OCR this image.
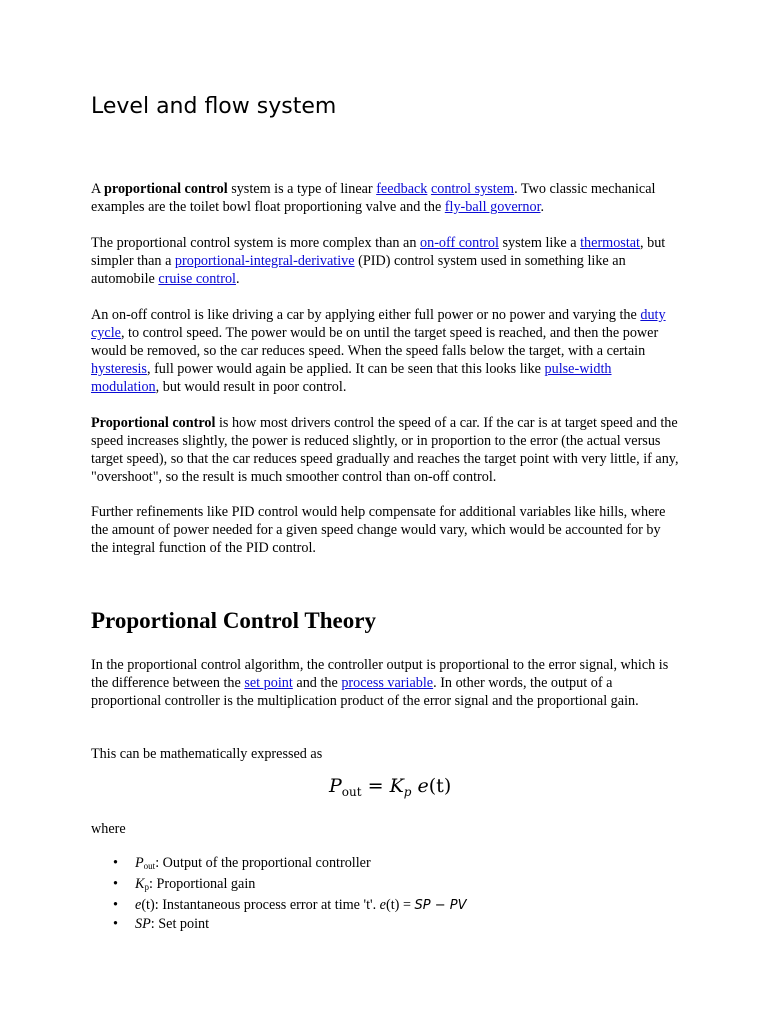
Level and flow system

A proportional control system is a type of linear feedback control system. Two classic mechanical examples are the toilet bowl float proportioning valve and the fly-ball governor.

The proportional control system is more complex than an on-off control system like a thermostat, but simpler than a proportional-integral-derivative (PID) control system used in something like an automobile cruise control.

An on-off control is like driving a car by applying either full power or no power and varying the duty cycle, to control speed. The power would be on until the target speed is reached, and then the power would be removed, so the car reduces speed. When the speed falls below the target, with a certain hysteresis, full power would again be applied. It can be seen that this looks like pulse-width modulation, but would result in poor control.

Proportional control is how most drivers control the speed of a car. If the car is at target speed and the speed increases slightly, the power is reduced slightly, or in proportion to the error (the actual versus target speed), so that the car reduces speed gradually and reaches the target point with very little, if any, "overshoot", so the result is much smoother control than on-off control.

Further refinements like PID control would help compensate for additional variables like hills, where the amount of power needed for a given speed change would vary, which would be accounted for by the integral function of the PID control.

Proportional Control Theory

In the proportional control algorithm, the controller output is proportional to the error signal, which is the difference between the set point and the process variable. In other words, the output of a proportional controller is the multiplication product of the error signal and the proportional gain.

This can be mathematically expressed as

$P_{out} = K_p$ e(t)

where

• Pout: Output of the proportional controller
• Kp: Proportional gain
• e(t): Instantaneous process error at time 't'. e(t) = SP − PV
• SP: Set point
